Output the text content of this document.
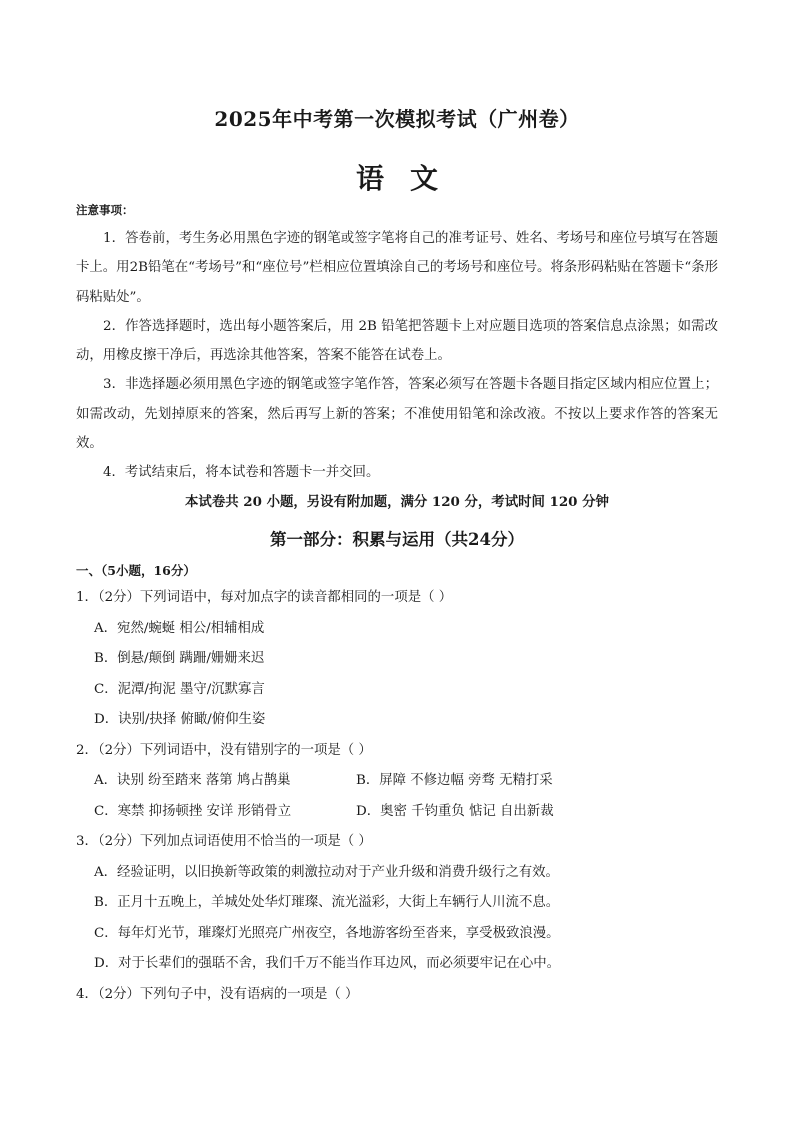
2025年中考第一次模拟考试（广州卷）
语文
注意事项：

1．答卷前，考生务必用黑色字迹的钢笔或签字笔将自己的准考证号、姓名、考场号和座位号填写在答题卡上。用2B铅笔在“考场号”和“座位号”栏相应位置填涂自己的考场号和座位号。将条形码粘贴在答题卡“条形码粘贴处”。

2．作答选择题时，选出每小题答案后，用 2B 铅笔把答题卡上对应题目选项的答案信息点涂黑；如需改动，用橡皮擦干净后，再选涂其他答案，答案不能答在试卷上。

3．非选择题必须用黑色字迹的钢笔或签字笔作答，答案必须写在答题卡各题目指定区域内相应位置上；如需改动，先划掉原来的答案，然后再写上新的答案；不准使用铅笔和涂改液。不按以上要求作答的答案无效。

4．考试结束后，将本试卷和答题卡一并交回。

本试卷共 20 小题，另设有附加题，满分 120 分，考试时间 120 分钟
第一部分：积累与运用（共24分）
一、（5小题，16分）
1．（2分）下列词语中，每对加点字的读音都相同的一项是（ ）
A．宛然/蜿蜒 相公/相辅相成
B．倒悬/颠倒 蹒跚/姗姗来迟
C．泥潭/拘泥 墨守/沉默寡言
D．诀别/抉择 俯瞰/俯仰生姿
2．（2分）下列词语中，没有错别字的一项是（ ）
A．诀别 纷至踏来 落第 鸠占鹊巢	B．屏障 不修边幅 旁骛 无精打采
C．寒禁 抑扬顿挫 安详 形销骨立	D．奥密 千钧重负 惦记 自出新裁
3．（2分）下列加点词语使用不恰当的一项是（ ）
A．经验证明，以旧换新等政策的刺激拉动对于产业升级和消费升级行之有效。
B．正月十五晚上，羊城处处华灯璀璨、流光溢彩，大街上车辆行人川流不息。
C．每年灯光节，璀璨灯光照亮广州夜空，各地游客纷至沓来，享受极致浪漫。
D．对于长辈们的强聒不舍，我们千万不能当作耳边风，而必须要牢记在心中。
4．（2分）下列句子中，没有语病的一项是（ ）
